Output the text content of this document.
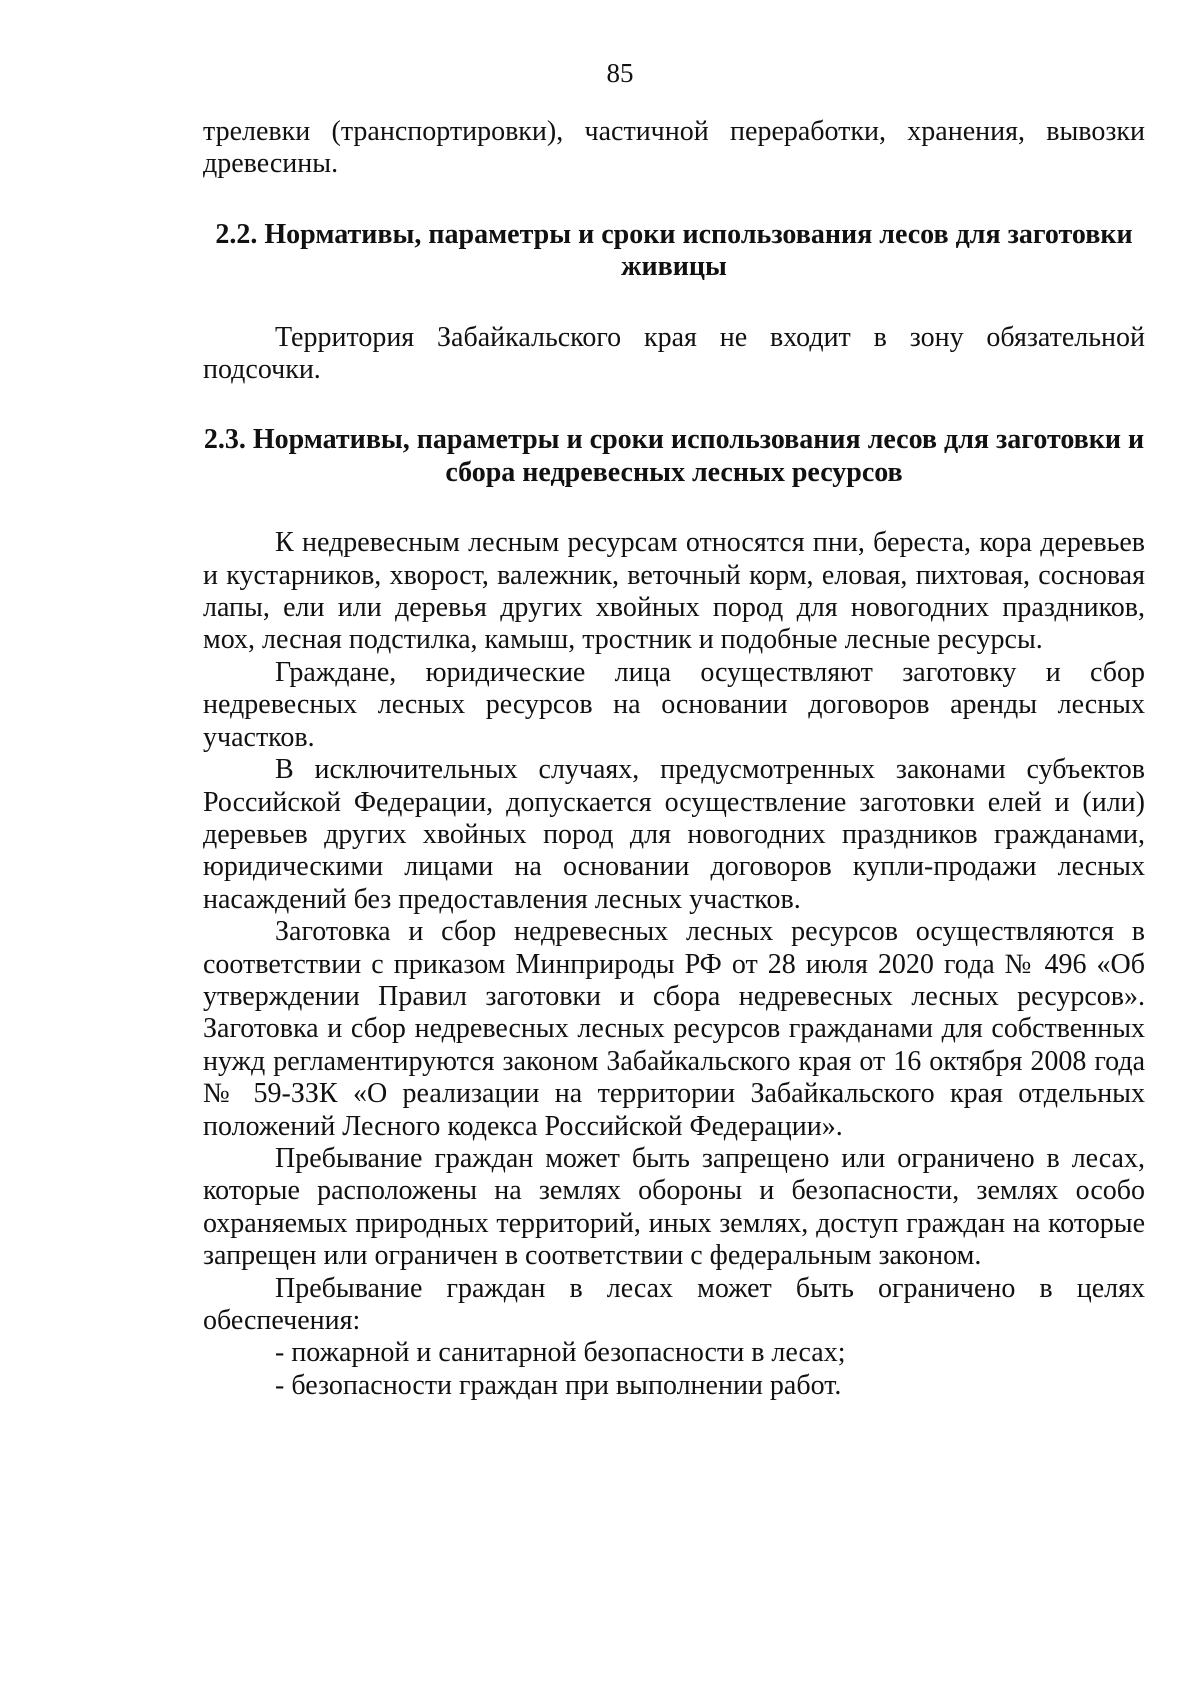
85

трелевки (транспортировки), частичной переработки, хранения, вывозки древесины.

2.2. Нормативы, параметры и сроки использования лесов для заготовки живицы

Территория Забайкальского края не входит в зону обязательной подсочки.

2.3. Нормативы, параметры и сроки использования лесов для заготовки и сбора недревесных лесных ресурсов

К недревесным лесным ресурсам относятся пни, береста, кора деревьев и кустарников, хворост, валежник, веточный корм, еловая, пихтовая, сосновая лапы, ели или деревья других хвойных пород для новогодних праздников, мох, лесная подстилка, камыш, тростник и подобные лесные ресурсы.

Граждане, юридические лица осуществляют заготовку и сбор недревесных лесных ресурсов на основании договоров аренды лесных участков.

В исключительных случаях, предусмотренных законами субъектов Российской Федерации, допускается осуществление заготовки елей и (или) деревьев других хвойных пород для новогодних праздников гражданами, юридическими лицами на основании договоров купли-продажи лесных насаждений без предоставления лесных участков.

Заготовка и сбор недревесных лесных ресурсов осуществляются в соответствии с приказом Минприроды РФ от 28 июля 2020 года № 496 «Об утверждении Правил заготовки и сбора недревесных лесных ресурсов». Заготовка и сбор недревесных лесных ресурсов гражданами для собственных нужд регламентируются законом Забайкальского края от 16 октября 2008 года № 59-ЗЗК «О реализации на территории Забайкальского края отдельных положений Лесного кодекса Российской Федерации».

Пребывание граждан может быть запрещено или ограничено в лесах, которые расположены на землях обороны и безопасности, землях особо охраняемых природных территорий, иных землях, доступ граждан на которые запрещен или ограничен в соответствии с федеральным законом.

Пребывание граждан в лесах может быть ограничено в целях обеспечения:

- пожарной и санитарной безопасности в лесах;

- безопасности граждан при выполнении работ.
